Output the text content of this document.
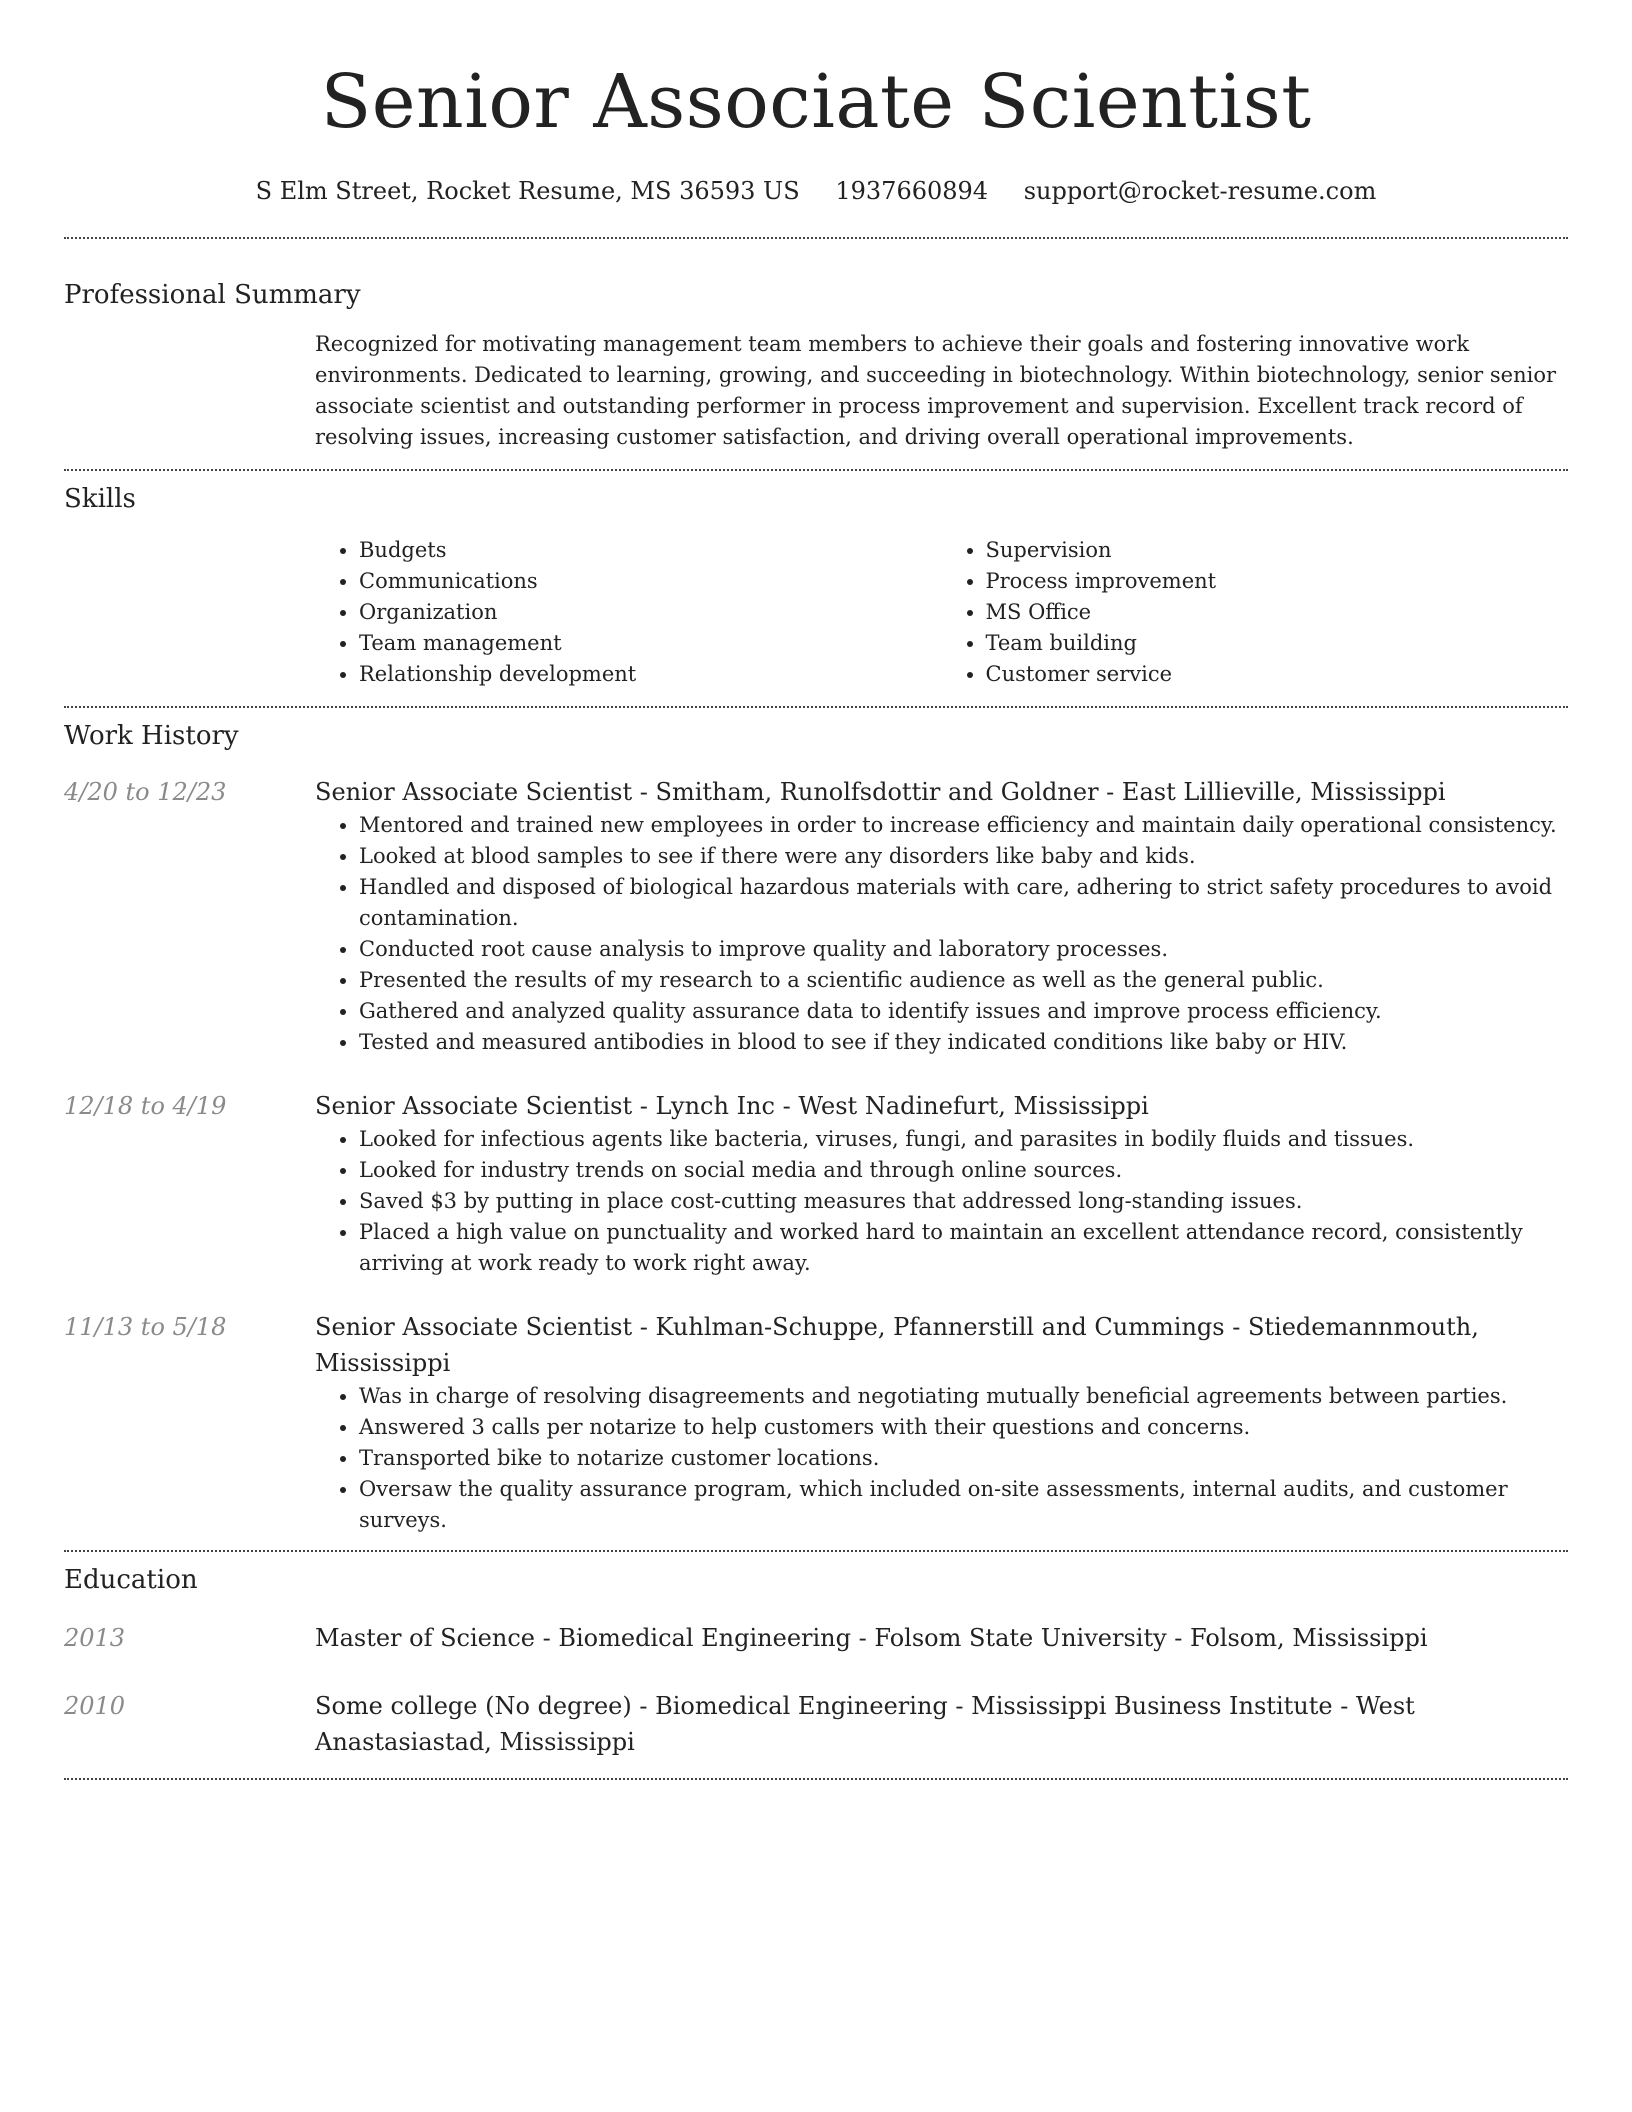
Senior Associate Scientist
S Elm Street, Rocket Resume, MS 36593 US 1937660894 support@rocket-resume.com
Professional Summary
Recognized for motivating management team members to achieve their goals and fostering innovative work environments. Dedicated to learning, growing, and succeeding in biotechnology. Within biotechnology, senior senior associate scientist and outstanding performer in process improvement and supervision. Excellent track record of resolving issues, increasing customer satisfaction, and driving overall operational improvements.
Skills
• Budgets
• Communications
• Organization
• Team management
• Relationship development
• Supervision
• Process improvement
• MS Office
• Team building
• Customer service
Work History
4/20 to 12/23	Senior Associate Scientist - Smitham, Runolfsdottir and Goldner - East Lillieville, Mississippi
• Mentored and trained new employees in order to increase efficiency and maintain daily operational consistency.
• Looked at blood samples to see if there were any disorders like baby and kids.
• Handled and disposed of biological hazardous materials with care, adhering to strict safety procedures to avoid contamination.
• Conducted root cause analysis to improve quality and laboratory processes.
• Presented the results of my research to a scientific audience as well as the general public.
• Gathered and analyzed quality assurance data to identify issues and improve process efficiency.
• Tested and measured antibodies in blood to see if they indicated conditions like baby or HIV.
12/18 to 4/19	Senior Associate Scientist - Lynch Inc - West Nadinefurt, Mississippi
• Looked for infectious agents like bacteria, viruses, fungi, and parasites in bodily fluids and tissues.
• Looked for industry trends on social media and through online sources.
• Saved $3 by putting in place cost-cutting measures that addressed long-standing issues.
• Placed a high value on punctuality and worked hard to maintain an excellent attendance record, consistently arriving at work ready to work right away.
11/13 to 5/18	Senior Associate Scientist - Kuhlman-Schuppe, Pfannerstill and Cummings - Stiedemannmouth, Mississippi
• Was in charge of resolving disagreements and negotiating mutually beneficial agreements between parties.
• Answered 3 calls per notarize to help customers with their questions and concerns.
• Transported bike to notarize customer locations.
• Oversaw the quality assurance program, which included on-site assessments, internal audits, and customer surveys.
Education
2013	Master of Science - Biomedical Engineering - Folsom State University - Folsom, Mississippi
2010	Some college (No degree) - Biomedical Engineering - Mississippi Business Institute - West Anastasiastad, Mississippi
